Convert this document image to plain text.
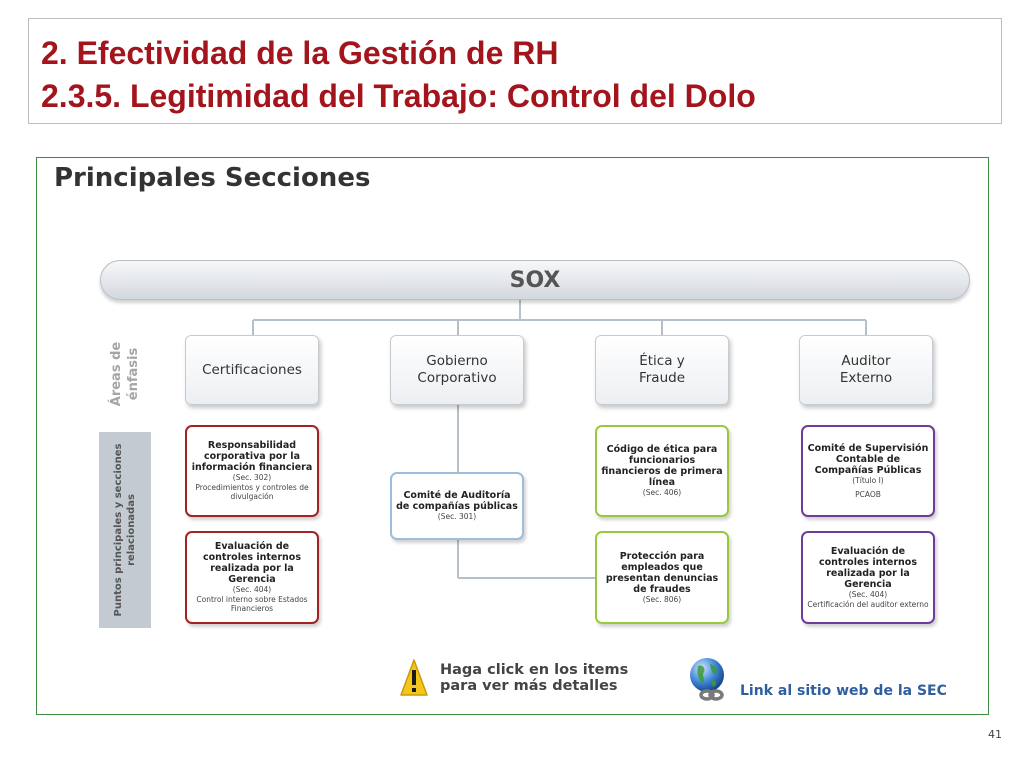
2. Efectividad de la Gestión de RH
2.3.5. Legitimidad del Trabajo: Control del Dolo
Principales Secciones
SOX
Áreas de énfasis
Puntos principales y secciones relacionadas
Certificaciones
Gobierno Corporativo
Ética y Fraude
Auditor Externo
Responsabilidad corporativa por la información financiera
(Sec. 302)
Procedimientos y controles de divulgación
Evaluación de controles internos realizada por la Gerencia
(Sec. 404)
Control interno sobre Estados Financieros
Comité de Auditoría de compañías públicas
(Sec. 301)
Código de ética para funcionarios financieros de primera línea
(Sec. 406)
Protección para empleados que presentan denuncias de fraudes
(Sec. 806)
Comité de Supervisión Contable de Compañías Públicas
(Título I)
PCAOB
Evaluación de controles internos realizada por la Gerencia
(Sec. 404)
Certificación del auditor externo
Haga click en los items
para ver más detalles	Link al sitio web de la SEC
41
